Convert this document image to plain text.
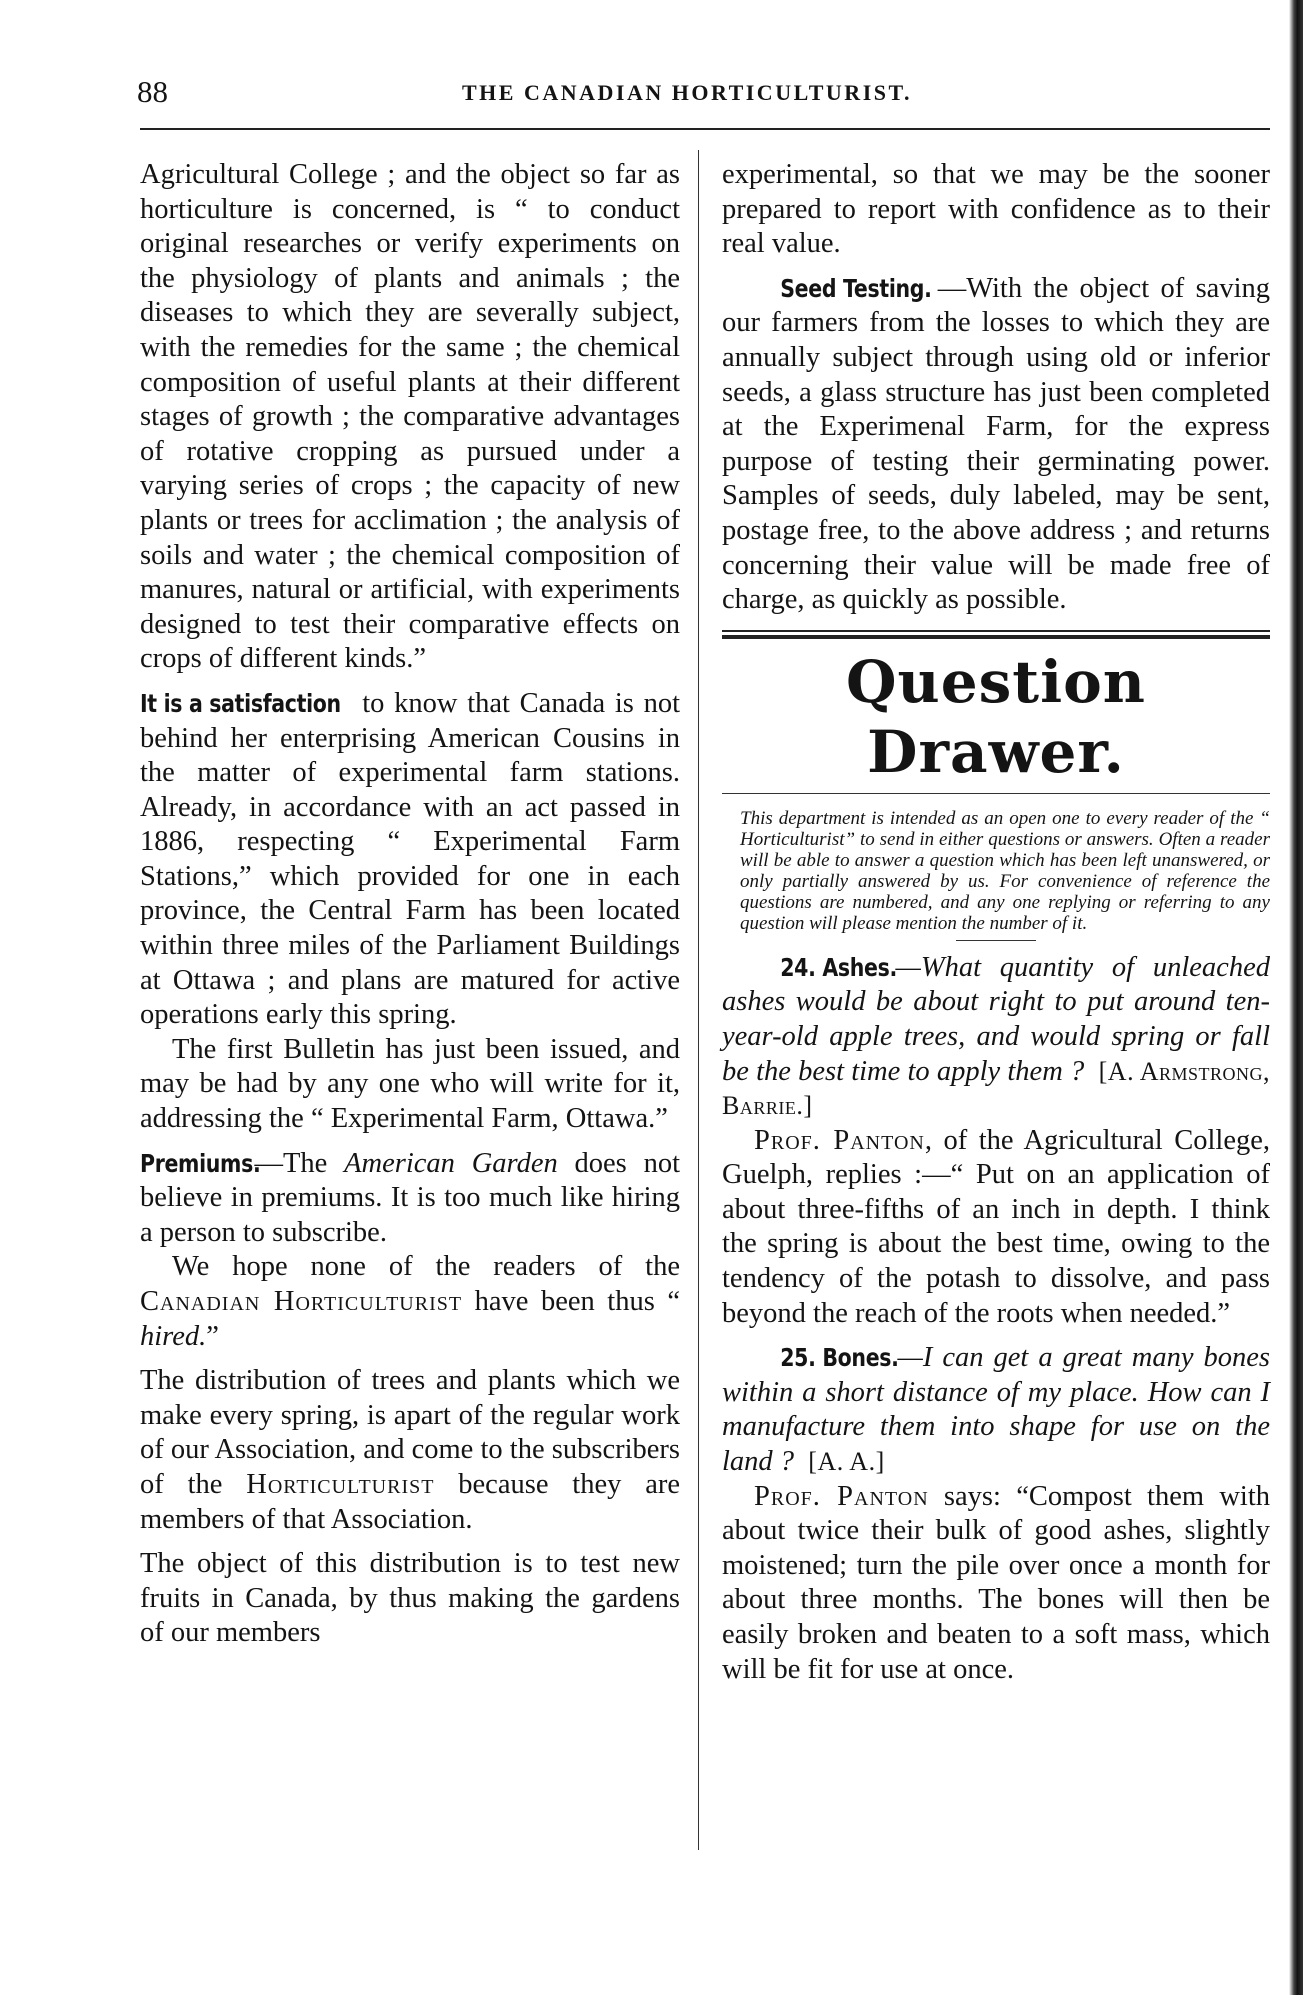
88	THE CANADIAN HORTICULTURIST.

Agricultural College ; and the object so far as horticulture is concerned, is “ to conduct original researches or verify experiments on the physiology of plants and animals ; the diseases to which they are severally subject, with the remedies for the same ; the chemical composition of useful plants at their different stages of growth ; the comparative advantages of rotative cropping as pursued under a varying series of crops ; the capacity of new plants or trees for acclimation ; the analysis of soils and water ; the chemical composition of manures, natural or artificial, with experiments designed to test their comparative effects on crops of different kinds.”

It is a satisfaction to know that Canada is not behind her enterprising American Cousins in the matter of experimental farm stations. Already, in accordance with an act passed in 1886, respecting “ Experimental Farm Stations,” which provided for one in each province, the Central Farm has been located within three miles of the Parliament Buildings at Ottawa ; and plans are matured for active operations early this spring.

The first Bulletin has just been issued, and may be had by any one who will write for it, addressing the “ Experimental Farm, Ottawa.”

Premiums.—The American Garden does not believe in premiums. It is too much like hiring a person to subscribe.

We hope none of the readers of the Canadian Horticulturist have been thus “ hired.”

The distribution of trees and plants which we make every spring, is apart of the regular work of our Association, and come to the subscribers of the Horticulturist because they are members of that Association.

The object of this distribution is to test new fruits in Canada, by thus making the gardens of our members

experimental, so that we may be the sooner prepared to report with confidence as to their real value.

Seed Testing. —With the object of saving our farmers from the losses to which they are annually subject through using old or inferior seeds, a glass structure has just been completed at the Experimenal Farm, for the express purpose of testing their germinating power. Samples of seeds, duly labeled, may be sent, postage free, to the above address ; and returns concerning their value will be made free of charge, as quickly as possible.

Question Drawer.

This department is intended as an open one to every reader of the “ Horticulturist” to send in either questions or answers. Often a reader will be able to answer a question which has been left unanswered, or only partially answered by us. For convenience of reference the questions are numbered, and any one replying or referring to any question will please mention the number of it.

24. Ashes.—What quantity of unleached ashes would be about right to put around ten-year-old apple trees, and would spring or fall be the best time to apply them ? [A. Armstrong, Barrie.]

Prof. Panton, of the Agricultural College, Guelph, replies :—“ Put on an application of about three-fifths of an inch in depth. I think the spring is about the best time, owing to the tendency of the potash to dissolve, and pass beyond the reach of the roots when needed.”

25. Bones.—I can get a great many bones within a short distance of my place. How can I manufacture them into shape for use on the land ? [A. A.]

Prof. Panton says: “Compost them with about twice their bulk of good ashes, slightly moistened; turn the pile over once a month for about three months. The bones will then be easily broken and beaten to a soft mass, which will be fit for use at once.
